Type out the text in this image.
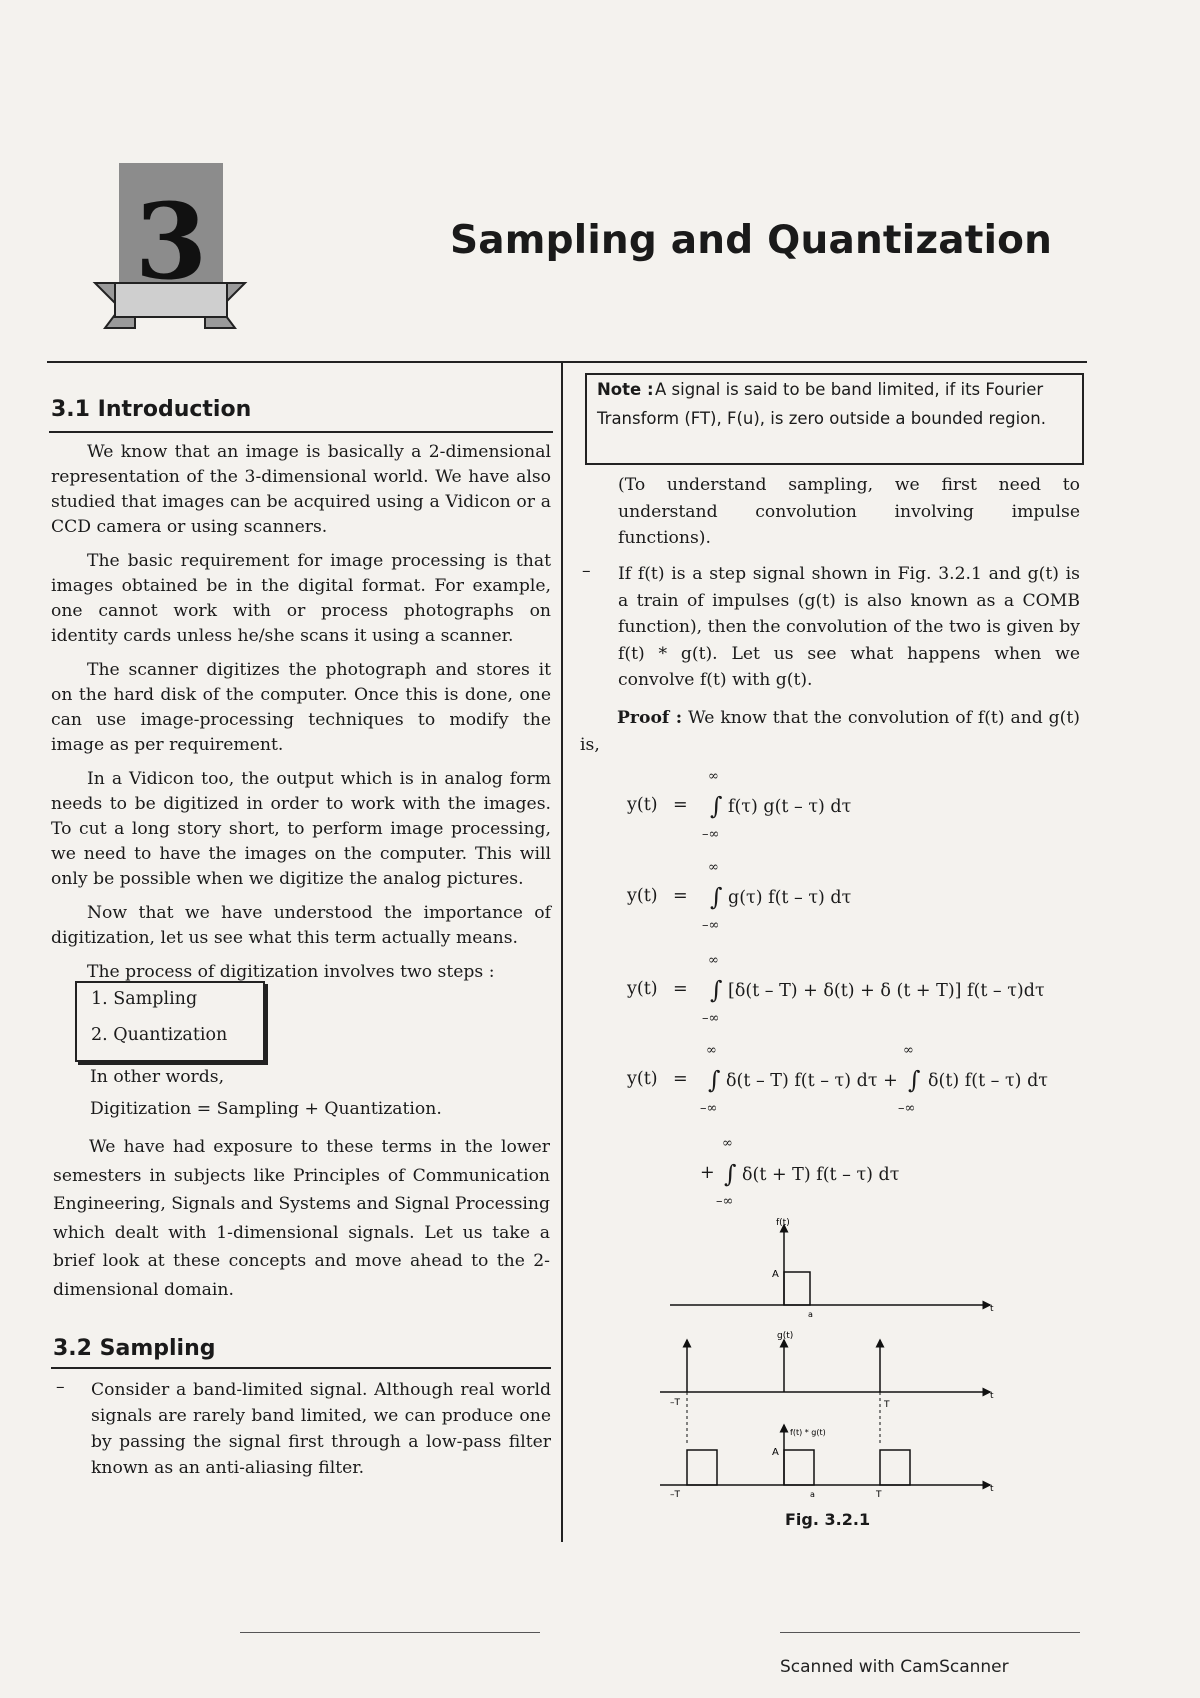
3	Sampling and Quantization
3.1 Introduction

We know that an image is basically a 2-dimensional representation of the 3-dimensional world. We have also studied that images can be acquired using a Vidicon or a CCD camera or using scanners.

The basic requirement for image processing is that images obtained be in the digital format. For example, one cannot work with or process photographs on identity cards unless he/she scans it using a scanner.

The scanner digitizes the photograph and stores it on the hard disk of the computer. Once this is done, one can use image-processing techniques to modify the image as per requirement.

In a Vidicon too, the output which is in analog form needs to be digitized in order to work with the images. To cut a long story short, to perform image processing, we need to have the images on the computer. This will only be possible when we digitize the analog pictures.

Now that we have understood the importance of digitization, let us see what this term actually means.

The process of digitization involves two steps :

1. Sampling
2. Quantization
In other words,
Digitization = Sampling + Quantization.
We have had exposure to these terms in the lower semesters in subjects like Principles of Communication Engineering, Signals and Systems and Signal Processing which dealt with 1-dimensional signals. Let us take a brief look at these concepts and move ahead to the 2-dimensional domain.
3.2 Sampling
– Consider a band-limited signal. Although real world signals are rarely band limited, we can produce one by passing the signal first through a low-pass filter known as an anti-aliasing filter.
Note : A signal is said to be band limited, if its Fourier Transform (FT), F(u), is zero outside a bounded region.
(To understand sampling, we first need to understand convolution involving impulse functions).
– If f(t) is a step signal shown in Fig. 3.2.1 and g(t) is a train of impulses (g(t) is also known as a COMB function), then the convolution of the two is given by f(t) * g(t). Let us see what happens when we convolve f(t) with g(t).
Proof : We know that the convolution of f(t) and g(t) is,
y(t) =
∞
∫
–∞
f(τ) g(t – τ) dτ
y(t) =
∞
∫
–∞
g(τ) f(t – τ) dτ
y(t) =
∞
∫
–∞
[δ(t – T) + δ(t) + δ (t + T)] f(t – τ)dτ
y(t) =
∞
∫
–∞
δ(t – T) f(t – τ) dτ +
∞
∫
–∞
δ(t) f(t – τ) dτ
+
∞
∫
–∞
δ(t + T) f(t – τ) dτ
f(t)
A
a
t
g(t)
–T	T
t
f(t) * g(t)
A
–T	a	T
t
Fig. 3.2.1
Scanned with CamScanner
